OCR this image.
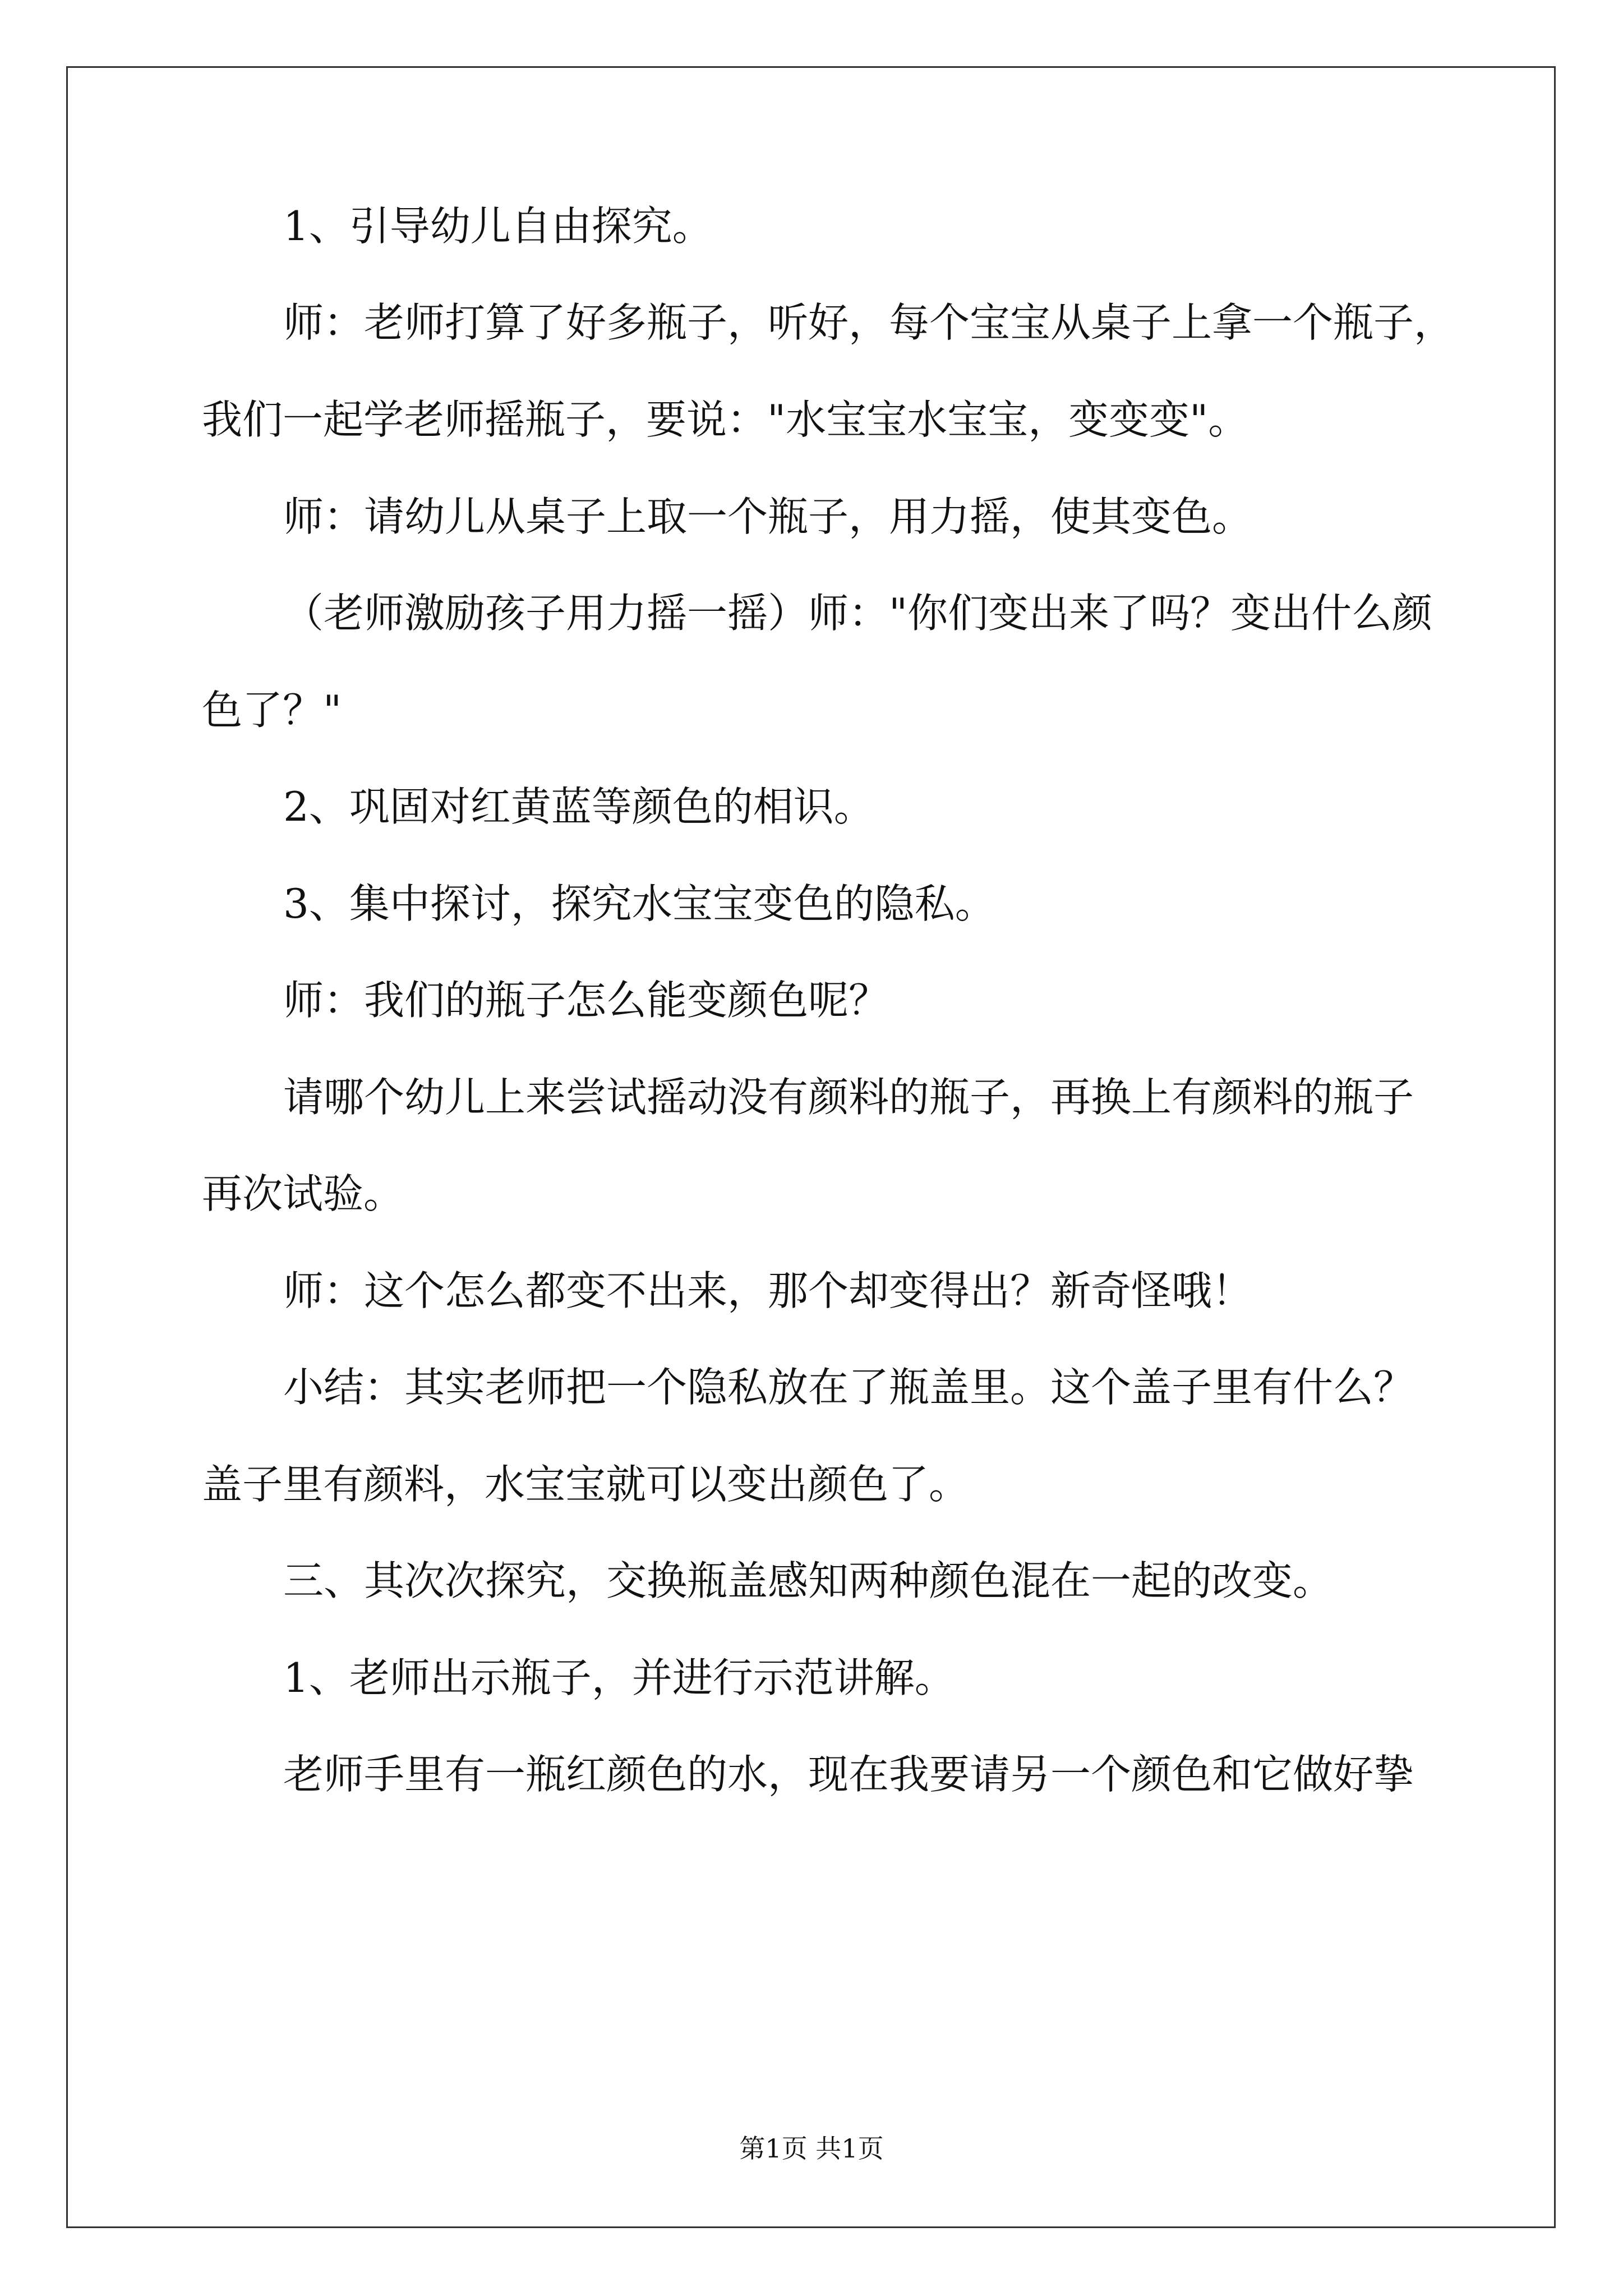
1、引导幼儿自由探究。

师：老师打算了好多瓶子，听好，每个宝宝从桌子上拿一个瓶子，

我们一起学老师摇瓶子，要说："水宝宝水宝宝，变变变"。

师：请幼儿从桌子上取一个瓶子，用力摇，使其变色。

（老师激励孩子用力摇一摇）师："你们变出来了吗？变出什么颜

色了？"

2、巩固对红黄蓝等颜色的相识。

3、集中探讨，探究水宝宝变色的隐私。

师：我们的瓶子怎么能变颜色呢？

请哪个幼儿上来尝试摇动没有颜料的瓶子，再换上有颜料的瓶子

再次试验。

师：这个怎么都变不出来，那个却变得出？新奇怪哦！

小结：其实老师把一个隐私放在了瓶盖里。这个盖子里有什么？

盖子里有颜料，水宝宝就可以变出颜色了。

三、其次次探究，交换瓶盖感知两种颜色混在一起的改变。

1、老师出示瓶子，并进行示范讲解。

老师手里有一瓶红颜色的水，现在我要请另一个颜色和它做好挚

第1页 共1页
